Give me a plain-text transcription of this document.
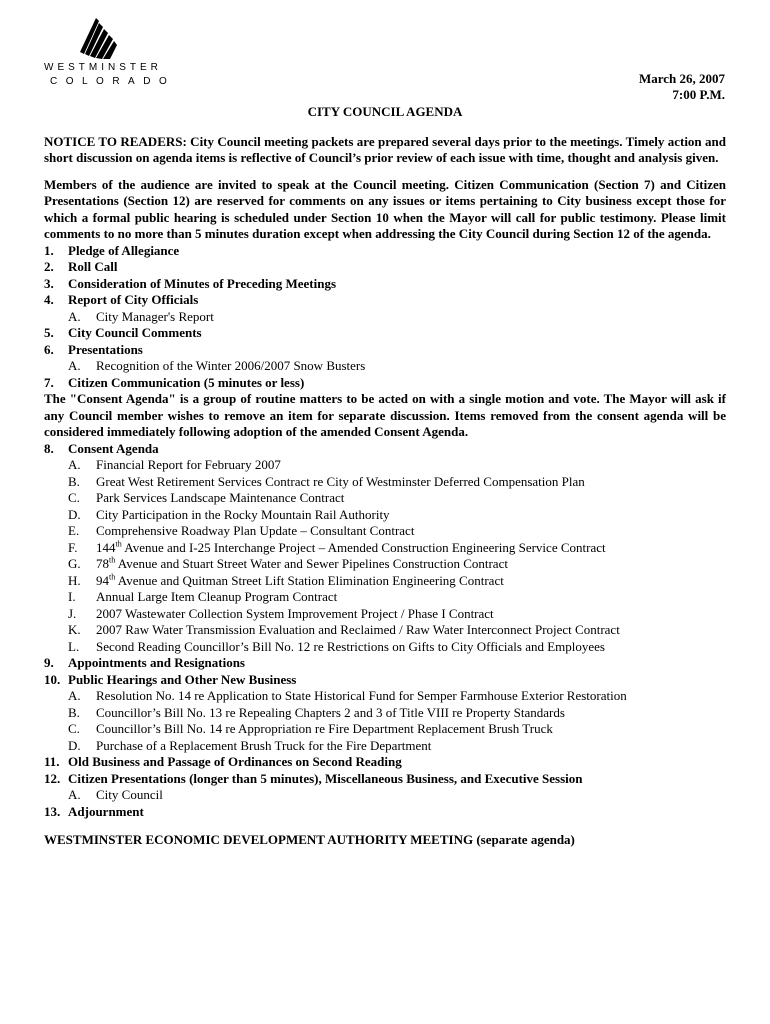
WESTMINSTER
COLORADO	March 26, 2007
7:00 P.M.
CITY COUNCIL AGENDA

NOTICE TO READERS: City Council meeting packets are prepared several days prior to the meetings. Timely action and short discussion on agenda items is reflective of Council’s prior review of each issue with time, thought and analysis given.

Members of the audience are invited to speak at the Council meeting. Citizen Communication (Section 7) and Citizen Presentations (Section 12) are reserved for comments on any issues or items pertaining to City business except those for which a formal public hearing is scheduled under Section 10 when the Mayor will call for public testimony. Please limit comments to no more than 5 minutes duration except when addressing the City Council during Section 12 of the agenda.

1. Pledge of Allegiance
2. Roll Call
3. Consideration of Minutes of Preceding Meetings
4. Report of City Officials
A. City Manager's Report
5. City Council Comments
6. Presentations
A. Recognition of the Winter 2006/2007 Snow Busters
7. Citizen Communication (5 minutes or less)

The "Consent Agenda" is a group of routine matters to be acted on with a single motion and vote. The Mayor will ask if any Council member wishes to remove an item for separate discussion. Items removed from the consent agenda will be considered immediately following adoption of the amended Consent Agenda.

8. Consent Agenda
A. Financial Report for February 2007
B. Great West Retirement Services Contract re City of Westminster Deferred Compensation Plan
C. Park Services Landscape Maintenance Contract
D. City Participation in the Rocky Mountain Rail Authority
E. Comprehensive Roadway Plan Update – Consultant Contract
F. 144th Avenue and I-25 Interchange Project – Amended Construction Engineering Service Contract
G. 78th Avenue and Stuart Street Water and Sewer Pipelines Construction Contract
H. 94th Avenue and Quitman Street Lift Station Elimination Engineering Contract
I. Annual Large Item Cleanup Program Contract
J. 2007 Wastewater Collection System Improvement Project / Phase I Contract
K. 2007 Raw Water Transmission Evaluation and Reclaimed / Raw Water Interconnect Project Contract
L. Second Reading Councillor’s Bill No. 12 re Restrictions on Gifts to City Officials and Employees
9. Appointments and Resignations
10. Public Hearings and Other New Business
A. Resolution No. 14 re Application to State Historical Fund for Semper Farmhouse Exterior Restoration
B. Councillor’s Bill No. 13 re Repealing Chapters 2 and 3 of Title VIII re Property Standards
C. Councillor’s Bill No. 14 re Appropriation re Fire Department Replacement Brush Truck
D. Purchase of a Replacement Brush Truck for the Fire Department
11. Old Business and Passage of Ordinances on Second Reading
12. Citizen Presentations (longer than 5 minutes), Miscellaneous Business, and Executive Session
A. City Council
13. Adjournment
WESTMINSTER ECONOMIC DEVELOPMENT AUTHORITY MEETING (separate agenda)
